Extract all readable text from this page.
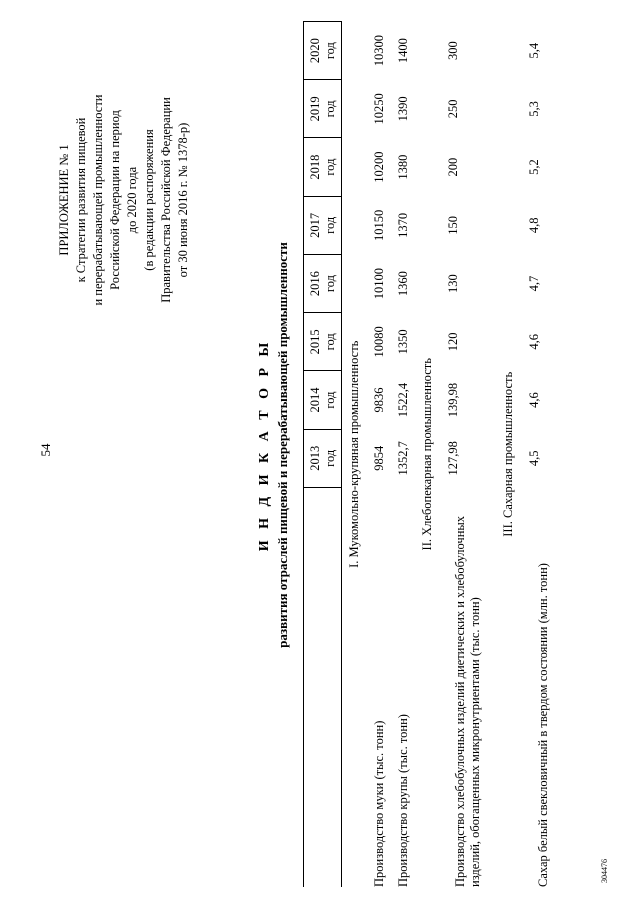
54
ПРИЛОЖЕНИЕ № 1 к Стратегии развития пищевой и перерабатывающей промышленности Российской Федерации на период до 2020 года (в редакции распоряжения Правительства Российской Федерации от 30 июня 2016 г. № 1378-р)
И Н Д И К А Т О Р Ы развития отраслей пищевой и перерабатывающей промышленности

	2013 год	2014 год	2015 год	2016 год	2017 год	2018 год	2019 год	2020 год

I. Мукомольно-крупяная промышленность								
Производство муки (тыс. тонн)	9854	9836	10080	10100	10150	10200	10250	10300
Производство крупы (тыс. тонн)	1352,7	1522,4	1350	1360	1370	1380	1390	1400
II. Хлебопекарная промышленность								
Производство хлебобулочных изделий диетических и хлебобулочных изделий, обогащенных микронутриентами (тыс. тонн)	127,98	139,98	120	130	150	200	250	300
III. Сахарная промышленность								
Сахар белый свекловичный в твердом состоянии (млн. тонн)	4,5	4,6	4,6	4,7	4,8	5,2	5,3	5,4
304476
